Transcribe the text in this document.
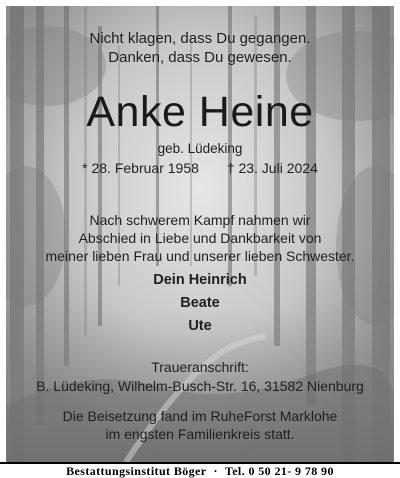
Nicht klagen, dass Du gegangen.
Danken, dass Du gewesen.
Anke Heine
geb. Lüdeking
* 28. Februar 1958 † 23. Juli 2024
Nach schwerem Kampf nahmen wir
Abschied in Liebe und Dankbarkeit von
meiner lieben Frau und unserer lieben Schwester.
Dein Heinrich
Beate
Ute
Traueranschrift:
B. Lüdeking, Wilhelm-Busch-Str. 16, 31582 Nienburg
Die Beisetzung fand im RuheForst Marklohe
im engsten Familienkreis statt.
Bestattungsinstitut Böger · Tel. 0 50 21- 9 78 90
